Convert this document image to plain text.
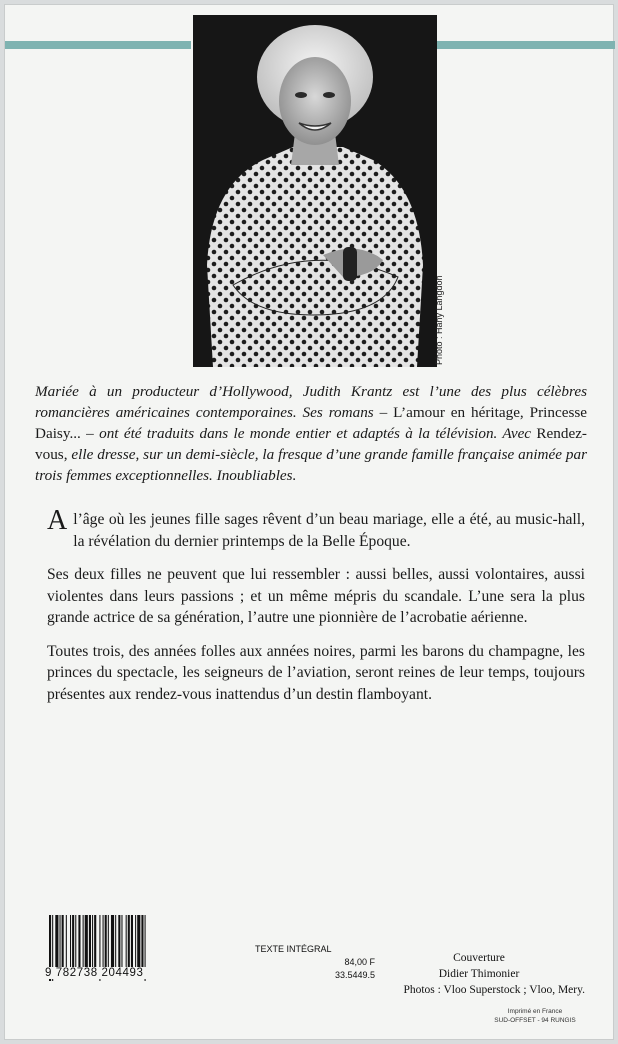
Photo : Hany Langdon
Mariée à un producteur d’Hollywood, Judith Krantz est l’une des plus célèbres romancières américaines contemporaines. Ses romans – L’amour en héritage, Princesse Daisy... – ont été traduits dans le monde entier et adaptés à la télévision. Avec Rendez-vous, elle dresse, sur un demi-siècle, la fresque d’une grande famille française animée par trois femmes exceptionnelles. Inoubliables.

A l’âge où les jeunes fille sages rêvent d’un beau mariage, elle a été, au music-hall, la révélation du dernier printemps de la Belle Époque.

Ses deux filles ne peuvent que lui ressembler : aussi belles, aussi volontaires, aussi violentes dans leurs passions ; et un même mépris du scandale. L’une sera la plus grande actrice de sa génération, l’autre une pionnière de l’acrobatie aérienne.

Toutes trois, des années folles aux années noires, parmi les barons du champagne, les princes du spectacle, les seigneurs de l’aviation, seront reines de leur temps, toujours présentes aux rendez-vous inattendus d’un destin flamboyant.

9 782738 204493
TEXTE INTÉGRAL
84,00 F
33.5449.5
Couverture
Didier Thimonier
Photos : Vloo Superstock ; Vloo, Mery.
Imprimé en France
SUD-OFFSET - 94 RUNGIS
